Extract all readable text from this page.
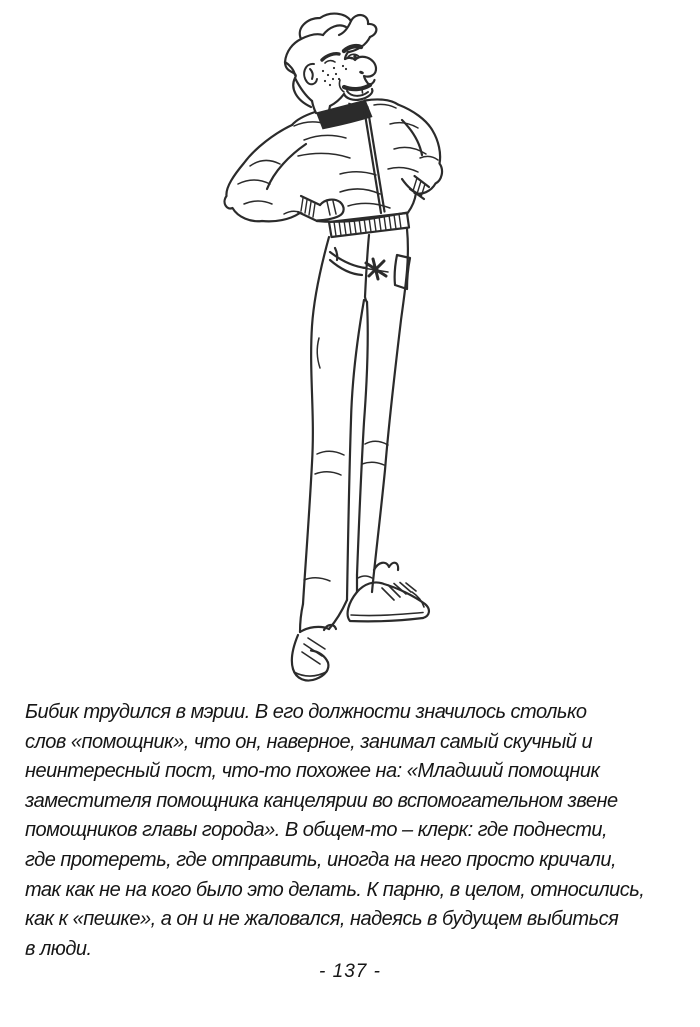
Бибик трудился в мэрии. В его должности значилось столько
слов «помощник», что он, наверное, занимал самый скучный и
неинтересный пост, что-то похожее на: «Младший помощник
заместителя помощника канцелярии во вспомогательном звене
помощников главы города». В общем-то – клерк: где поднести,
где протереть, где отправить, иногда на него просто кричали,
так как не на кого было это делать. К парню, в целом, относились,
как к «пешке», а он и не жаловался, надеясь в будущем выбиться
в люди.
- 137 -
